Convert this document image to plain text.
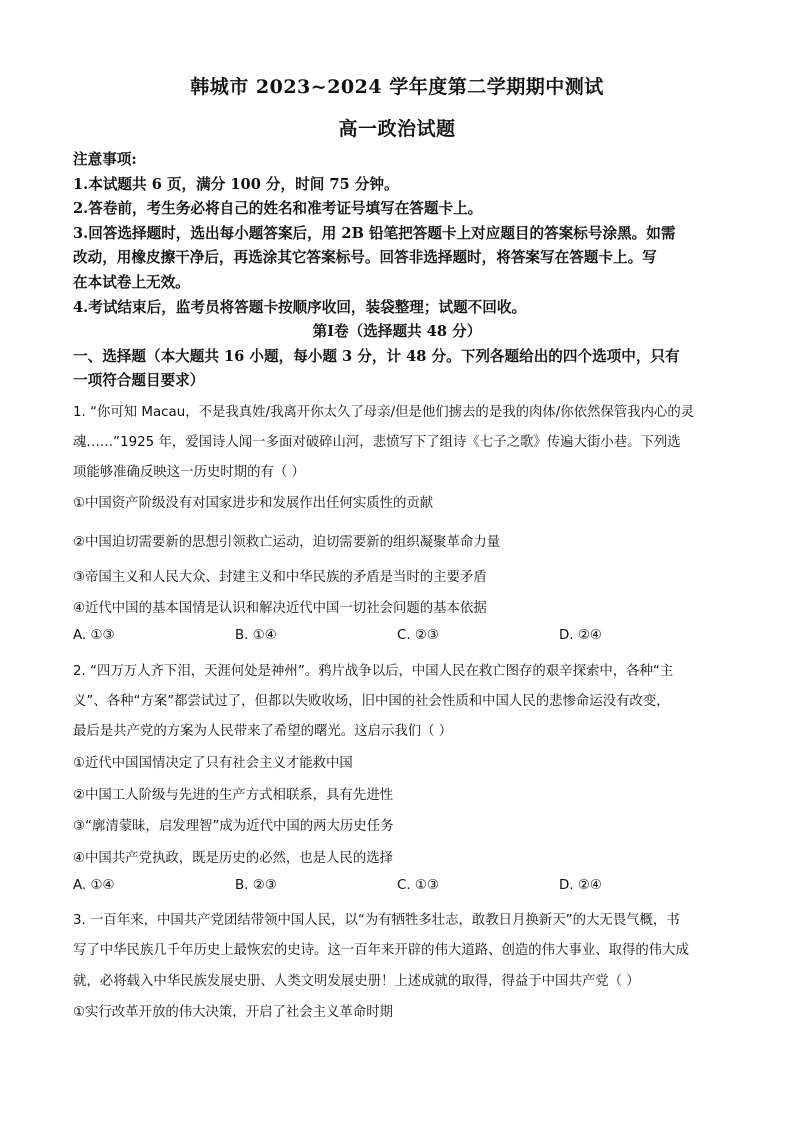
韩城市 2023~2024 学年度第二学期期中测试
高一政治试题
注意事项:
1.本试题共 6 页，满分 100 分，时间 75 分钟。
2.答卷前，考生务必将自己的姓名和准考证号填写在答题卡上。
3.回答选择题时，选出每小题答案后，用 2B 铅笔把答题卡上对应题目的答案标号涂黑。如需
改动，用橡皮擦干净后，再选涂其它答案标号。回答非选择题时，将答案写在答题卡上。写
在本试卷上无效。
4.考试结束后，监考员将答题卡按顺序收回，装袋整理；试题不回收。
第Ⅰ卷（选择题共 48 分）
一、选择题（本大题共 16 小题，每小题 3 分，计 48 分。下列各题给出的四个选项中，只有
一项符合题目要求）
1. “你可知 Macau，不是我真姓/我离开你太久了母亲/但是他们掳去的是我的肉体/你依然保管我内心的灵
魂……”1925 年，爱国诗人闻一多面对破碎山河，悲愤写下了组诗《七子之歌》传遍大街小巷。下列选
项能够准确反映这一历史时期的有（ ）
①中国资产阶级没有对国家进步和发展作出任何实质性的贡献
②中国迫切需要新的思想引领救亡运动，迫切需要新的组织凝聚革命力量
③帝国主义和人民大众、封建主义和中华民族的矛盾是当时的主要矛盾
④近代中国的基本国情是认识和解决近代中国一切社会问题的基本依据
A. ①③	B. ①④	C. ②③	D. ②④
2. “四万万人齐下泪，天涯何处是神州”。鸦片战争以后，中国人民在救亡图存的艰辛探索中，各种“主
义”、各种“方案”都尝试过了，但都以失败收场，旧中国的社会性质和中国人民的悲惨命运没有改变，
最后是共产党的方案为人民带来了希望的曙光。这启示我们（ ）
①近代中国国情决定了只有社会主义才能救中国
②中国工人阶级与先进的生产方式相联系，具有先进性
③“廓清蒙昧，启发理智”成为近代中国的两大历史任务
④中国共产党执政，既是历史的必然，也是人民的选择
A. ①④	B. ②③	C. ①③	D. ②④
3. 一百年来，中国共产党团结带领中国人民，以“为有牺牲多壮志，敢教日月换新天”的大无畏气概，书
写了中华民族几千年历史上最恢宏的史诗。这一百年来开辟的伟大道路、创造的伟大事业、取得的伟大成
就，必将载入中华民族发展史册、人类文明发展史册！上述成就的取得，得益于中国共产党（ ）
①实行改革开放的伟大决策，开启了社会主义革命时期
